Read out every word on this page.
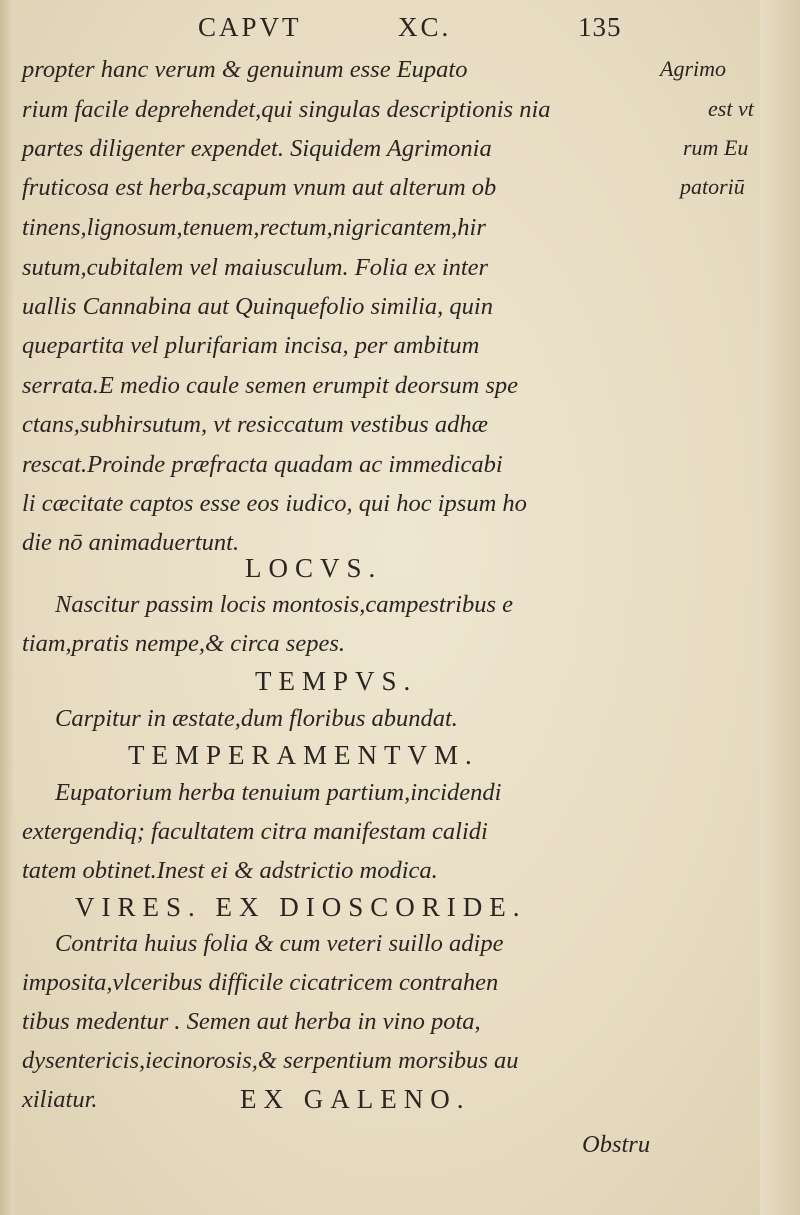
CAPVT	XC.	135
propter hanc verum & genuinum esse Eupato
rium facile deprehendet,qui singulas descriptionis nia
partes diligenter expendet. Siquidem Agrimonia
fruticosa est herba,scapum vnum aut alterum ob
tinens,lignosum,tenuem,rectum,nigricantem,hir
sutum,cubitalem vel maiusculum. Folia ex inter
uallis Cannabina aut Quinquefolio similia, quin
quepartita vel plurifariam incisa, per ambitum
serrata.E medio caule semen erumpit deorsum spe
ctans,subhirsutum, vt resiccatum vestibus adhæ
rescat.Proinde præfracta quadam ac immedicabi
li cæcitate captos esse eos iudico, qui hoc ipsum ho
die nō animaduertunt.
Agrimo
est vt
rum Eu
patoriū
LOCVS.
Nascitur passim locis montosis,campestribus e
tiam,pratis nempe,& circa sepes.
TEMPVS.
Carpitur in æstate,dum floribus abundat.
TEMPERAMENTVM.
Eupatorium herba tenuium partium,incidendi
extergendiq; facultatem citra manifestam calidi
tatem obtinet.Inest ei & adstrictio modica.
VIRES. EX DIOSCORIDE.
Contrita huius folia & cum veteri suillo adipe
imposita,vlceribus difficile cicatricem contrahen
tibus medentur . Semen aut herba in vino pota,
dysentericis,iecinorosis,& serpentium morsibus au
xiliatur.	EX GALENO.
Obstru
